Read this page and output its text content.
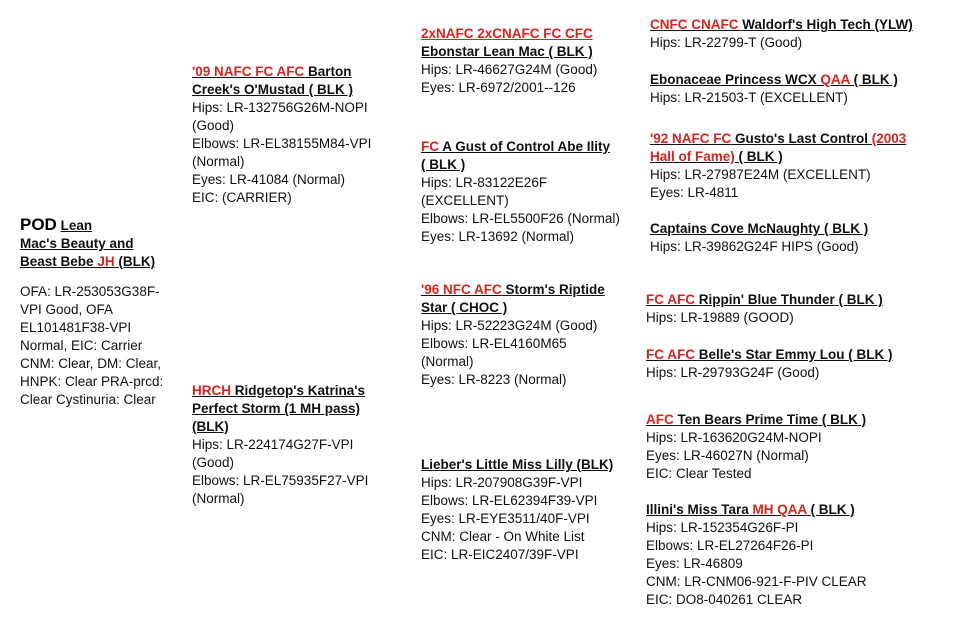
POD Lean
Mac's Beauty and
Beast Bebe JH (BLK)
OFA: LR-253053G38F-
VPI Good, OFA
EL101481F38-VPI
Normal, EIC: Carrier
CNM: Clear, DM: Clear,
HNPK: Clear PRA-prcd:
Clear Cystinuria: Clear
'09 NAFC FC AFC Barton
Creek's O'Mustad ( BLK )
Hips: LR-132756G26M-NOPI
(Good)
Elbows: LR-EL38155M84-VPI
(Normal)
Eyes: LR-41084 (Normal)
EIC: (CARRIER)
HRCH Ridgetop's Katrina's
Perfect Storm (1 MH pass)
(BLK)
Hips: LR-224174G27F-VPI
(Good)
Elbows: LR-EL75935F27-VPI
(Normal)
2xNAFC 2xCNAFC FC CFC
Ebonstar Lean Mac ( BLK )
Hips: LR-46627G24M (Good)
Eyes: LR-6972/2001--126
FC A Gust of Control Abe Ility
( BLK )
Hips: LR-83122E26F
(EXCELLENT)
Elbows: LR-EL5500F26 (Normal)
Eyes: LR-13692 (Normal)
'96 NFC AFC Storm's Riptide
Star ( CHOC )
Hips: LR-52223G24M (Good)
Elbows: LR-EL4160M65
(Normal)
Eyes: LR-8223 (Normal)
Lieber's Little Miss Lilly (BLK)
Hips: LR-207908G39F-VPI
Elbows: LR-EL62394F39-VPI
Eyes: LR-EYE3511/40F-VPI
CNM: Clear - On White List
EIC: LR-EIC2407/39F-VPI
CNFC CNAFC Waldorf's High Tech (YLW)
Hips: LR-22799-T (Good)
Ebonaceae Princess WCX QAA ( BLK )
Hips: LR-21503-T (EXCELLENT)
'92 NAFC FC Gusto's Last Control (2003
Hall of Fame) ( BLK )
Hips: LR-27987E24M (EXCELLENT)
Eyes: LR-4811
Captains Cove McNaughty ( BLK )
Hips: LR-39862G24F HIPS (Good)
FC AFC Rippin' Blue Thunder ( BLK )
Hips: LR-19889 (GOOD)
FC AFC Belle's Star Emmy Lou ( BLK )
Hips: LR-29793G24F (Good)
AFC Ten Bears Prime Time ( BLK )
Hips: LR-163620G24M-NOPI
Eyes: LR-46027N (Normal)
EIC: Clear Tested
Illini's Miss Tara MH QAA ( BLK )
Hips: LR-152354G26F-PI
Elbows: LR-EL27264F26-PI
Eyes: LR-46809
CNM: LR-CNM06-921-F-PIV CLEAR
EIC: DO8-040261 CLEAR
